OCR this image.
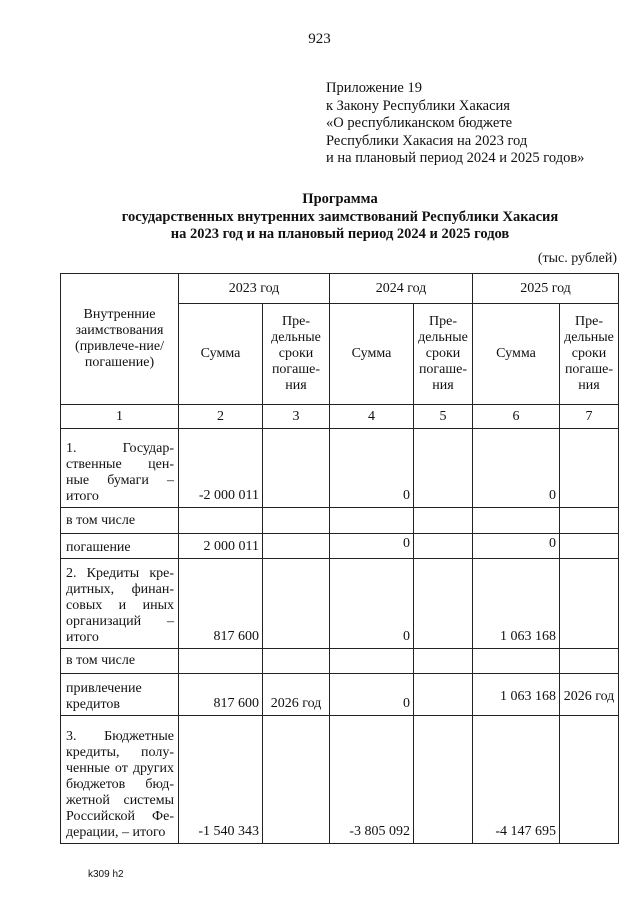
923
Приложение 19
к Закону Республики Хакасия
«О республиканском бюджете
Республики Хакасия на 2023 год
и на плановый период 2024 и 2025 годов»
Программа
государственных внутренних заимствований Республики Хакасия
на 2023 год и на плановый период 2024 и 2025 годов
(тыс. рублей)
Внутренние заимствования (привлече-ние/погашение)	2023 год		2024 год		2025 год	
	Сумма	Пре-дельные сроки погаше-ния	Сумма	Пре-дельные сроки погаше-ния	Сумма	Пре-дельные сроки погаше-ния
1	2	3	4	5	6	7
1. Государ-ственные цен-ные бумаги – итого	-2 000 011		0		0	
в том числе						
погашение	2 000 011		0		0	
2. Кредиты кре-дитных, финан-совых и иных организаций – итого	817 600		0		1 063 168	
в том числе						
привлечение кредитов	817 600	2026 год	0		1 063 168	2026 год
3. Бюджетные кредиты, полу-ченные от других бюджетов бюд-жетной системы Российской Фе-дерации, – итого	-1 540 343		-3 805 092		-4 147 695	
k309 h2
